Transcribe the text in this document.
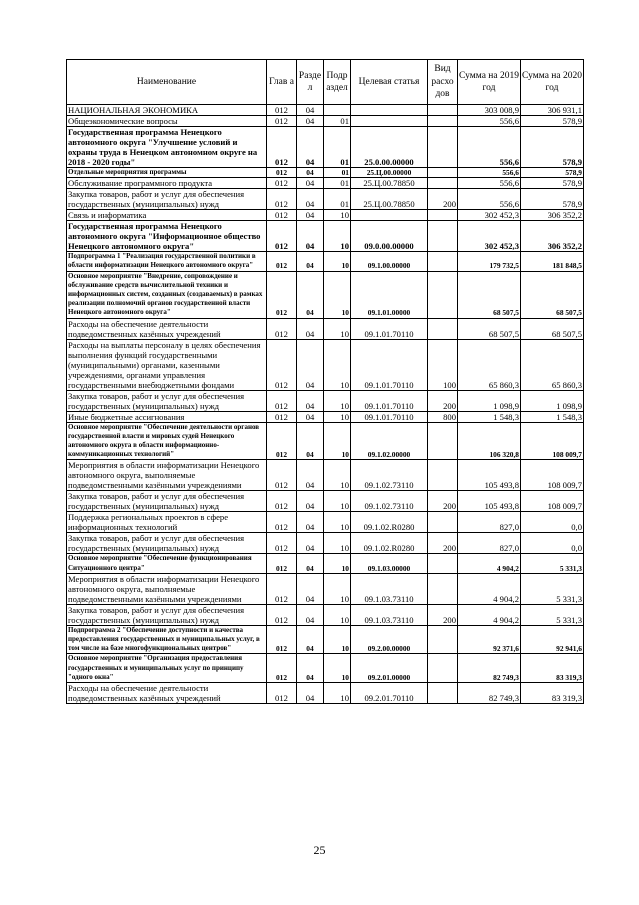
Наименование	Глав а	Разде л	Подр аздел	Целевая статья	Вид расхо дов	Сумма на 2019 год	Сумма на 2020 год
НАЦИОНАЛЬНАЯ ЭКОНОМИКА	012	04				303 008,9	306 931,1
Общеэкономические вопросы	012	04	01			556,6	578,9
Государственная программа Ненецкого автономного округа "Улучшение условий и охраны труда в Ненецком автономном округе на 2018 - 2020 годы"	012	04	01	25.0.00.00000		556,6	578,9
Отдельные мероприятия программы	012	04	01	25.Ц.00.00000		556,6	578,9
Обслуживание программного продукта	012	04	01	25.Ц.00.78850		556,6	578,9
Закупка товаров, работ и услуг для обеспечения государственных (муниципальных) нужд	012	04	01	25.Ц.00.78850	200	556,6	578,9
Связь и информатика	012	04	10			302 452,3	306 352,2
Государственная программа Ненецкого автономного округа "Информационное общество Ненецкого автономного округа"	012	04	10	09.0.00.00000		302 452,3	306 352,2
Подпрограмма 1 "Реализация государственной политики в области информатизации Ненецкого автономного округа"	012	04	10	09.1.00.00000		179 732,5	181 848,5
Основное мероприятие "Внедрение, сопровождение и обслуживание средств вычислительной техники и информационных систем, созданных (создаваемых) в рамках реализации полномочий органов государственной власти Ненецкого автономного округа"	012	04	10	09.1.01.00000		68 507,5	68 507,5
Расходы на обеспечение деятельности подведомственных казённых учреждений	012	04	10	09.1.01.70110		68 507,5	68 507,5
Расходы на выплаты персоналу в целях обеспечения выполнения функций государственными (муниципальными) органами, казенными учреждениями, органами управления государственными внебюджетными фондами	012	04	10	09.1.01.70110	100	65 860,3	65 860,3
Закупка товаров, работ и услуг для обеспечения государственных (муниципальных) нужд	012	04	10	09.1.01.70110	200	1 098,9	1 098,9
Иные бюджетные ассигнования	012	04	10	09.1.01.70110	800	1 548,3	1 548,3
Основное мероприятие "Обеспечение деятельности органов государственной власти и мировых судей Ненецкого автономного округа в области информационно-коммуникационных технологий"	012	04	10	09.1.02.00000		106 320,8	108 009,7
Мероприятия в области информатизации Ненецкого автономного округа, выполняемые подведомственными казёнными учреждениями	012	04	10	09.1.02.73110		105 493,8	108 009,7
Закупка товаров, работ и услуг для обеспечения государственных (муниципальных) нужд	012	04	10	09.1.02.73110	200	105 493,8	108 009,7
Поддержка региональных проектов в сфере информационных технологий	012	04	10	09.1.02.R0280		827,0	0,0
Закупка товаров, работ и услуг для обеспечения государственных (муниципальных) нужд	012	04	10	09.1.02.R0280	200	827,0	0,0
Основное мероприятие "Обеспечение функционирования Ситуационного центра"	012	04	10	09.1.03.00000		4 904,2	5 331,3
Мероприятия в области информатизации Ненецкого автономного округа, выполняемые подведомственными казёнными учреждениями	012	04	10	09.1.03.73110		4 904,2	5 331,3
Закупка товаров, работ и услуг для обеспечения государственных (муниципальных) нужд	012	04	10	09.1.03.73110	200	4 904,2	5 331,3
Подпрограмма 2 "Обеспечение доступности и качества предоставления государственных и муниципальных услуг, в том числе на базе многофункциональных центров"	012	04	10	09.2.00.00000		92 371,6	92 941,6
Основное мероприятие "Организация предоставления государственных и муниципальных услуг по принципу "одного окна"	012	04	10	09.2.01.00000		82 749,3	83 319,3
Расходы на обеспечение деятельности подведомственных казённых учреждений	012	04	10	09.2.01.70110		82 749,3	83 319,3
25
